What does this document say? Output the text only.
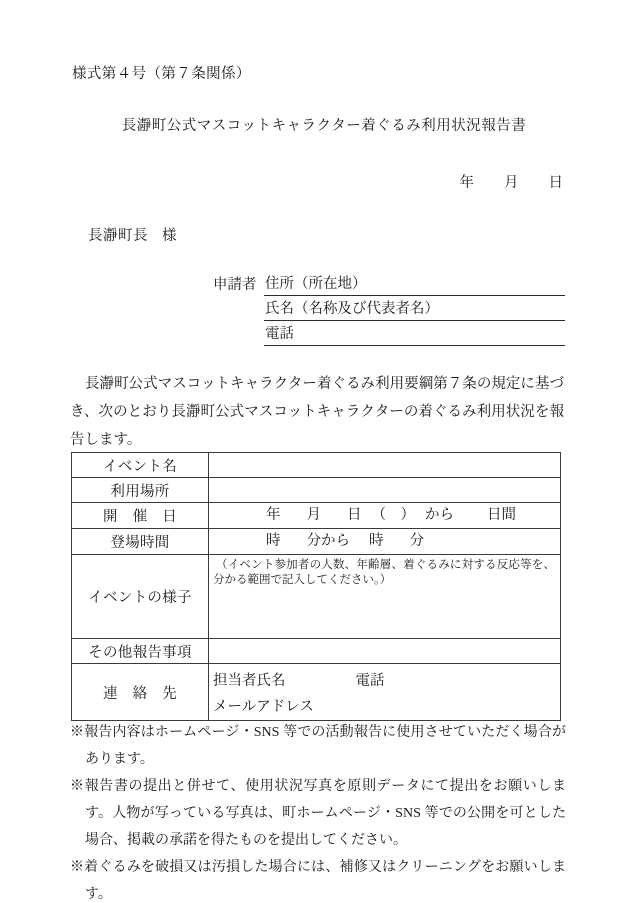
様式第４号（第７条関係）
長瀞町公式マスコットキャラクター着ぐるみ利用状況報告書
年 月 日
長瀞町長 様
申請者 住所（所在地）
氏名（名称及び代表者名）
電話
長瀞町公式マスコットキャラクター着ぐるみ利用要綱第７条の規定に基づき、次のとおり長瀞町公式マスコットキャラクターの着ぐるみ利用状況を報告します。
イベント名	
利用場所	
開　催　日	年 月 日 （　） から 日間

登場時間	時 分から 時 分

イベントの様子	（イベント参加者の人数、年齢層、着ぐるみに対する反応等を、分かる範囲で記入してください。）

その他報告事項	
連　絡　先	担当者氏名 電話
メールアドレス

※報告内容はホームページ・SNS 等での活動報告に使用させていただく場合があります。

※報告書の提出と併せて、使用状況写真を原則データにて提出をお願いします。人物が写っている写真は、町ホームページ・SNS 等での公開を可とした場合、掲載の承諾を得たものを提出してください。

※着ぐるみを破損又は汚損した場合には、補修又はクリーニングをお願いします。
